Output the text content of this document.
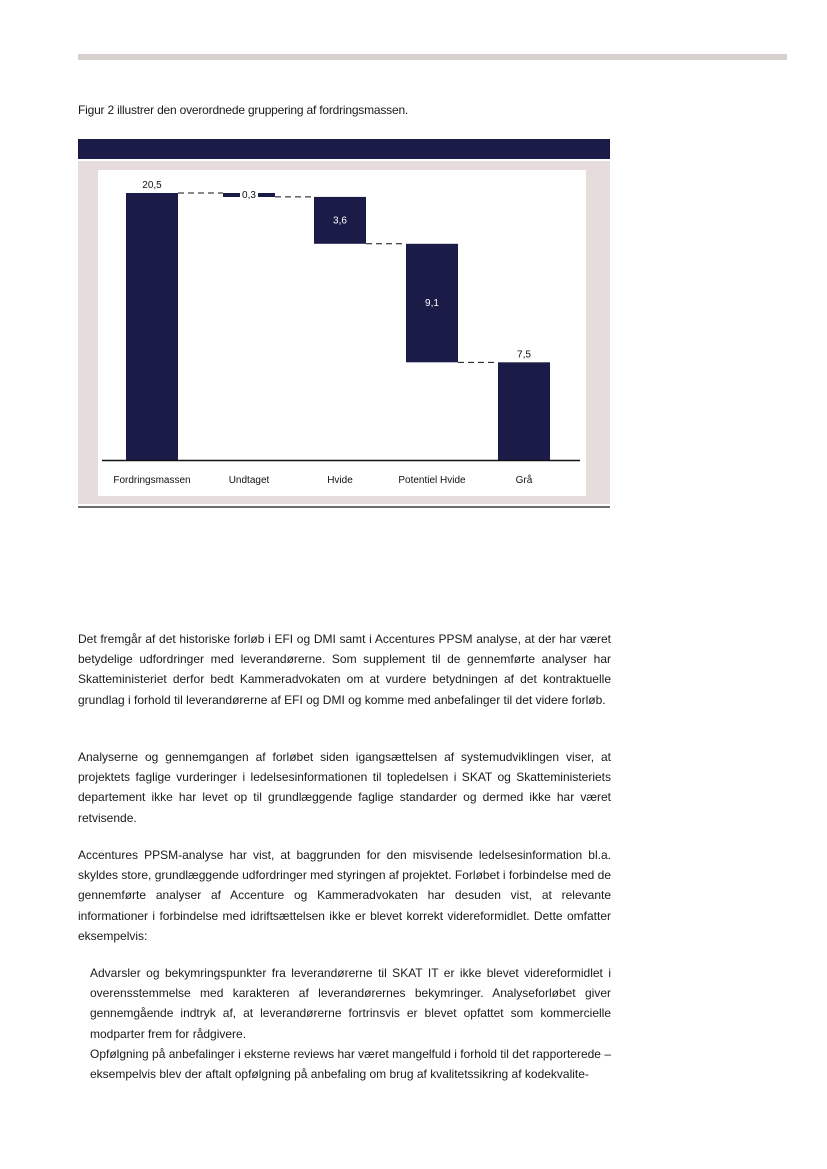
Figur 2 illustrer den overordnede gruppering af fordringsmassen.
20,5
0,3
3,6
9,1
7,5
Fordringsmassen	Undtaget	Hvide	Potentiel Hvide	Grå
Det fremgår af det historiske forløb i EFI og DMI samt i Accentures PPSM analyse, at der har været betydelige udfordringer med leverandørerne. Som supplement til de gennemførte analyser har Skatteministeriet derfor bedt Kammeradvokaten om at vurdere betydningen af det kontraktuelle grundlag i forhold til leverandørerne af EFI og DMI og komme med anbefalinger til det videre forløb.
Analyserne og gennemgangen af forløbet siden igangsættelsen af systemudviklingen viser, at projektets faglige vurderinger i ledelsesinformationen til topledelsen i SKAT og Skatteministeriets departement ikke har levet op til grundlæggende faglige standarder og dermed ikke har været retvisende.
Accentures PPSM-analyse har vist, at baggrunden for den misvisende ledelsesinformation bl.a. skyldes store, grundlæggende udfordringer med styringen af projektet. Forløbet i forbindelse med de gennemførte analyser af Accenture og Kammeradvokaten har desuden vist, at relevante informationer i forbindelse med idriftsættelsen ikke er blevet korrekt videreformidlet. Dette omfatter eksempelvis:

Advarsler og bekymringspunkter fra leverandørerne til SKAT IT er ikke blevet videreformidlet i overensstemmelse med karakteren af leverandørernes bekymringer. Analyseforløbet giver gennemgående indtryk af, at leverandørerne fortrinsvis er blevet opfattet som kommercielle modparter frem for rådgivere.

Opfølgning på anbefalinger i eksterne reviews har været mangelfuld i forhold til det rapporterede – eksempelvis blev der aftalt opfølgning på anbefaling om brug af kvalitetssikring af kodekvalite-
